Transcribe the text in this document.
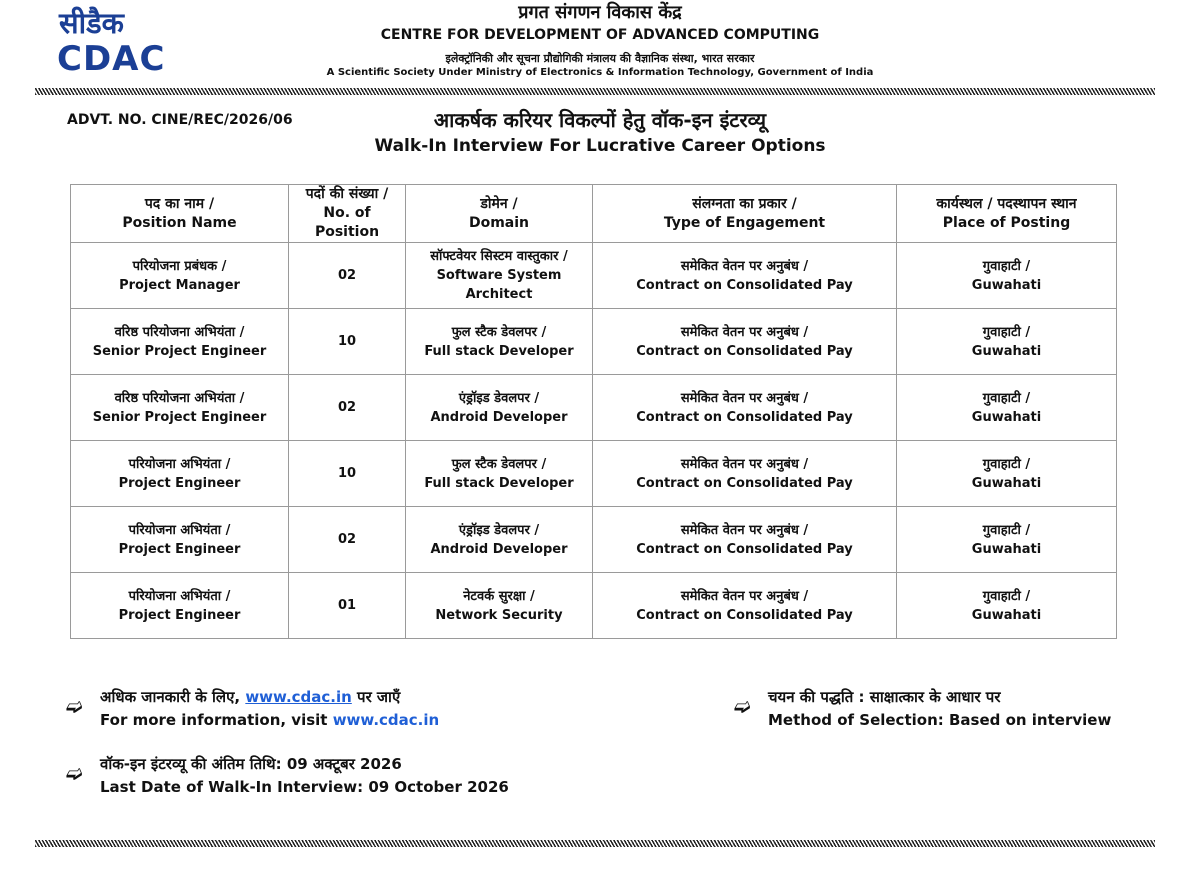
सीडैक
CDAC
प्रगत संगणन विकास केंद्र
CENTRE FOR DEVELOPMENT OF ADVANCED COMPUTING
इलेक्ट्रॉनिकी और सूचना प्रौद्योगिकी मंत्रालय की वैज्ञानिक संस्था, भारत सरकार
A Scientific Society Under Ministry of Electronics & Information Technology, Government of India
ADVT. NO. CINE/REC/2026/06	आकर्षक करियर विकल्पों हेतु वॉक-इन इंटरव्यू
Walk-In Interview For Lucrative Career Options
पद का नाम /
Position Name	पदों की संख्या /
No. of Position	डोमेन /
Domain	संलग्नता का प्रकार /
Type of Engagement	कार्यस्थल / पदस्थापन स्थान
Place of Posting
परियोजना प्रबंधक /
Project Manager	02	सॉफ्टवेयर सिस्टम वास्तुकार /
Software System Architect	समेकित वेतन पर अनुबंध /
Contract on Consolidated Pay	गुवाहाटी /
Guwahati
वरिष्ठ परियोजना अभियंता /
Senior Project Engineer	10	फुल स्टैक डेवलपर /
Full stack Developer	समेकित वेतन पर अनुबंध /
Contract on Consolidated Pay	गुवाहाटी /
Guwahati
वरिष्ठ परियोजना अभियंता /
Senior Project Engineer	02	एंड्रॉइड डेवलपर /
Android Developer	समेकित वेतन पर अनुबंध /
Contract on Consolidated Pay	गुवाहाटी /
Guwahati
परियोजना अभियंता /
Project Engineer	10	फुल स्टैक डेवलपर /
Full stack Developer	समेकित वेतन पर अनुबंध /
Contract on Consolidated Pay	गुवाहाटी /
Guwahati
परियोजना अभियंता /
Project Engineer	02	एंड्रॉइड डेवलपर /
Android Developer	समेकित वेतन पर अनुबंध /
Contract on Consolidated Pay	गुवाहाटी /
Guwahati
परियोजना अभियंता /
Project Engineer	01	नेटवर्क सुरक्षा /
Network Security	समेकित वेतन पर अनुबंध /
Contract on Consolidated Pay	गुवाहाटी /
Guwahati
➫ अधिक जानकारी के लिए, www.cdac.in पर जाएँ
For more information, visit www.cdac.in
➫ चयन की पद्धति : साक्षात्कार के आधार पर
Method of Selection: Based on interview
➫ वॉक-इन इंटरव्यू की अंतिम तिथि: 09 अक्टूबर 2026
Last Date of Walk-In Interview: 09 October 2026
